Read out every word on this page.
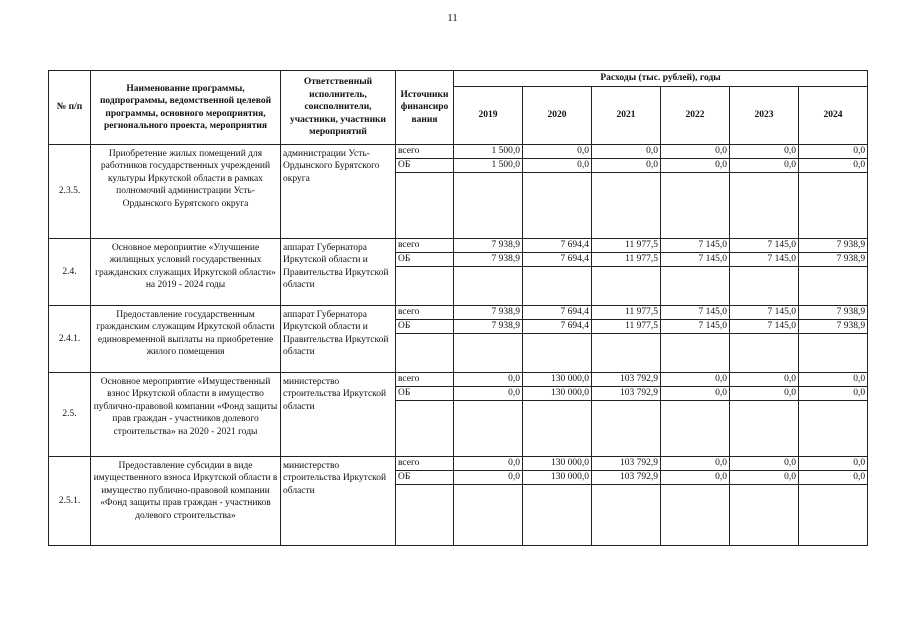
11
№ п/п	Наименование программы, подпрограммы, ведомственной целевой программы, основного мероприятия, регионального проекта, мероприятия	Ответственный исполнитель, соисполнители, участники, участники мероприятий	Источники финансиро вания	Расходы (тыс. рублей), годы					
				2019	2020	2021	2022	2023	2024
2.3.5.	Приобретение жилых помещений для работников государственных учреждений культуры Иркутской области в рамках полномочий администрации Усть-Ордынского Бурятского округа	администрации Усть-Ордынского Бурятского округа	всего	1 500,0	0,0	0,0	0,0	0,0	0,0
			ОБ	1 500,0	0,0	0,0	0,0	0,0	0,0

2.4.	Основное мероприятие «Улучшение жилищных условий государственных гражданских служащих Иркутской области» на 2019 - 2024 годы	аппарат Губернатора Иркутской области и Правительства Иркутской области	всего	7 938,9	7 694,4	11 977,5	7 145,0	7 145,0	7 938,9
			ОБ	7 938,9	7 694,4	11 977,5	7 145,0	7 145,0	7 938,9

2.4.1.	Предоставление государственным гражданским служащим Иркутской области единовременной выплаты на приобретение жилого помещения	аппарат Губернатора Иркутской области и Правительства Иркутской области	всего	7 938,9	7 694,4	11 977,5	7 145,0	7 145,0	7 938,9
			ОБ	7 938,9	7 694,4	11 977,5	7 145,0	7 145,0	7 938,9

2.5.	Основное мероприятие «Имущественный взнос Иркутской области в имущество публично-правовой компании «Фонд защиты прав граждан - участников долевого строительства» на 2020 - 2021 годы	министерство строительства Иркутской области	всего	0,0	130 000,0	103 792,9	0,0	0,0	0,0
			ОБ	0,0	130 000,0	103 792,9	0,0	0,0	0,0

2.5.1.	Предоставление субсидии в виде имущественного взноса Иркутской области в имущество публично-правовой компании «Фонд защиты прав граждан - участников долевого строительства»	министерство строительства Иркутской области	всего	0,0	130 000,0	103 792,9	0,0	0,0	0,0
			ОБ	0,0	130 000,0	103 792,9	0,0	0,0	0,0
